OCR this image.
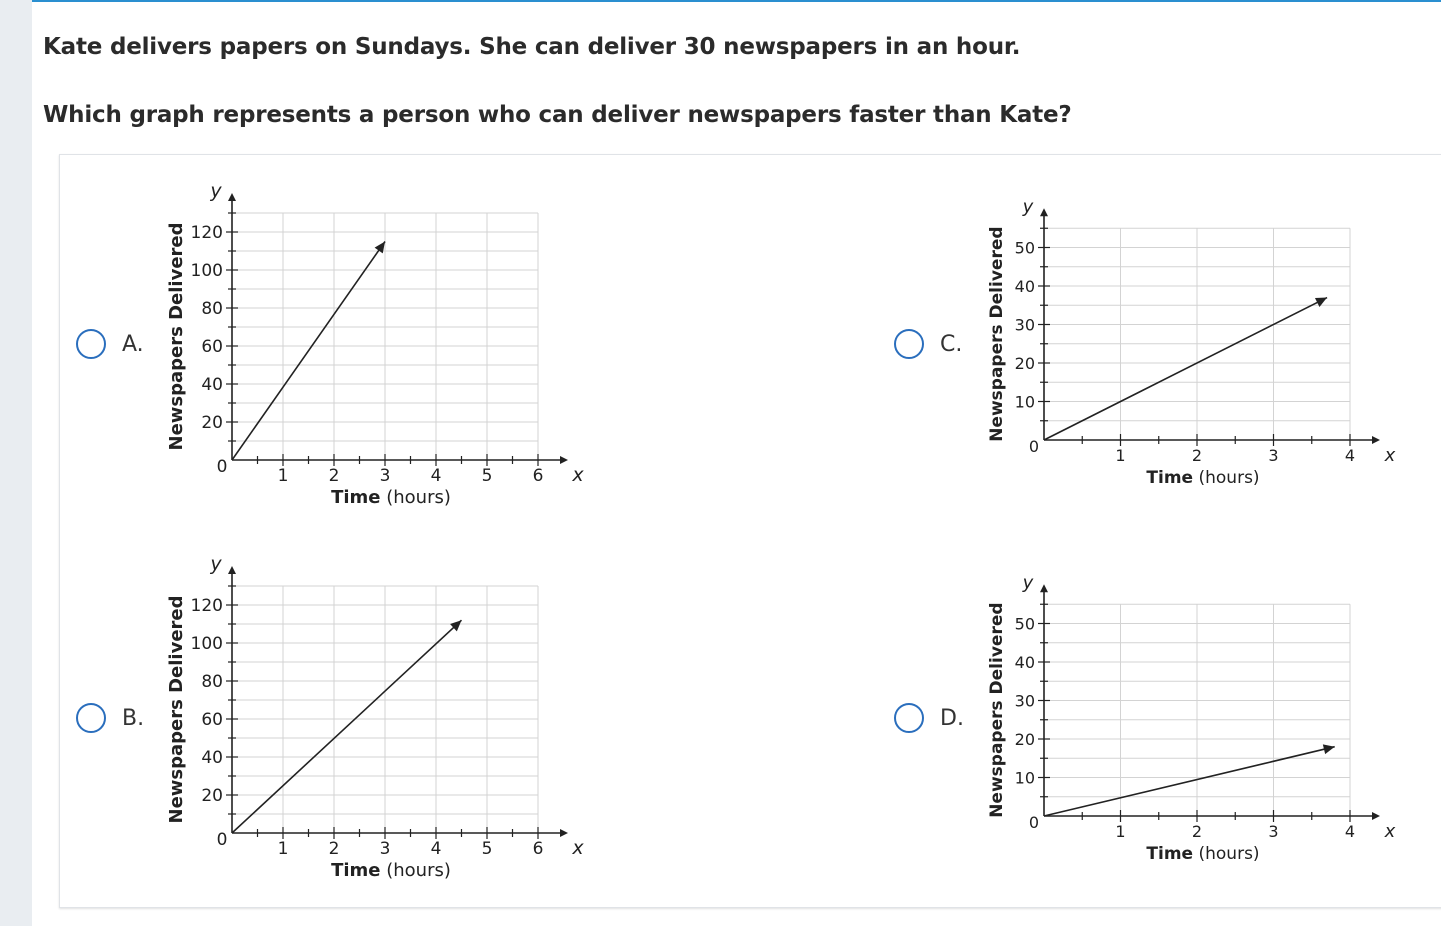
Kate delivers papers on Sundays. She can deliver 30 newspapers in an hour.

Which graph represents a person who can deliver newspapers faster than Kate?

A.
B.
C.
D.
20
40
60
80
100
120
1 2 3 4 5 6
0
y
x
Time (hours)
Newspapers Delivered
20
40
60
80
100
120
1 2 3 4 5 6
0
y
x
Time (hours)
Newspapers Delivered
10
20
30
40
50
1	2	3	4
0
y
x
Time (hours)
Newspapers Delivered
10
20
30
40
50
1	2	3	4
0
y
x
Time (hours)
Newspapers Delivered
